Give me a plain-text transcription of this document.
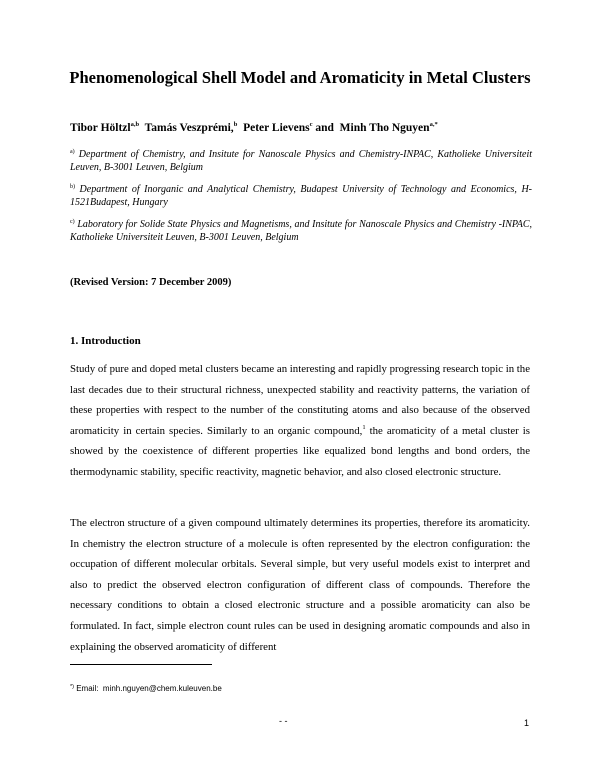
Phenomenological Shell Model and Aromaticity in Metal Clusters
Tibor Höltzl$^{a,b}$ Tamás Veszprémi,$^b$ Peter Lievens$^c$ and Minh Tho Nguyen$^{a,*}$
$^{a)}$ Department of Chemistry, and Insitute for Nanoscale Physics and Chemistry-INPAC, Katholieke Universiteit Leuven, B-3001 Leuven, Belgium
$^{b)}$ Department of Inorganic and Analytical Chemistry, Budapest University of Technology and Economics, H- 1521Budapest, Hungary
$^{c)}$ Laboratory for Solide State Physics and Magnetisms, and Insitute for Nanoscale Physics and Chemistry -INPAC, Katholieke Universiteit Leuven, B-3001 Leuven, Belgium
(Revised Version: 7 December 2009)
1. Introduction
Study of pure and doped metal clusters became an interesting and rapidly progressing research topic in the last decades due to their structural richness, unexpected stability and reactivity patterns, the variation of these properties with respect to the number of the constituting atoms and also because of the observed aromaticity in certain species. Similarly to an organic compound,$^1$ the aromaticity of a metal cluster is showed by the coexistence of different properties like equalized bond lengths and bond orders, the thermodynamic stability, specific reactivity, magnetic behavior, and also closed electronic structure.
The electron structure of a given compound ultimately determines its properties, therefore its aromaticity. In chemistry the electron structure of a molecule is often represented by the electron configuration: the occupation of different molecular orbitals. Several simple, but very useful models exist to interpret and also to predict the observed electron configuration of different class of compounds. Therefore the necessary conditions to obtain a closed electronic structure and a possible aromaticity can also be formulated. In fact, simple electron count rules can be used in designing aromatic compounds and also in explaining the observed aromaticity of different
*) Email: minh.nguyen@chem.kuleuven.be
- -	1
